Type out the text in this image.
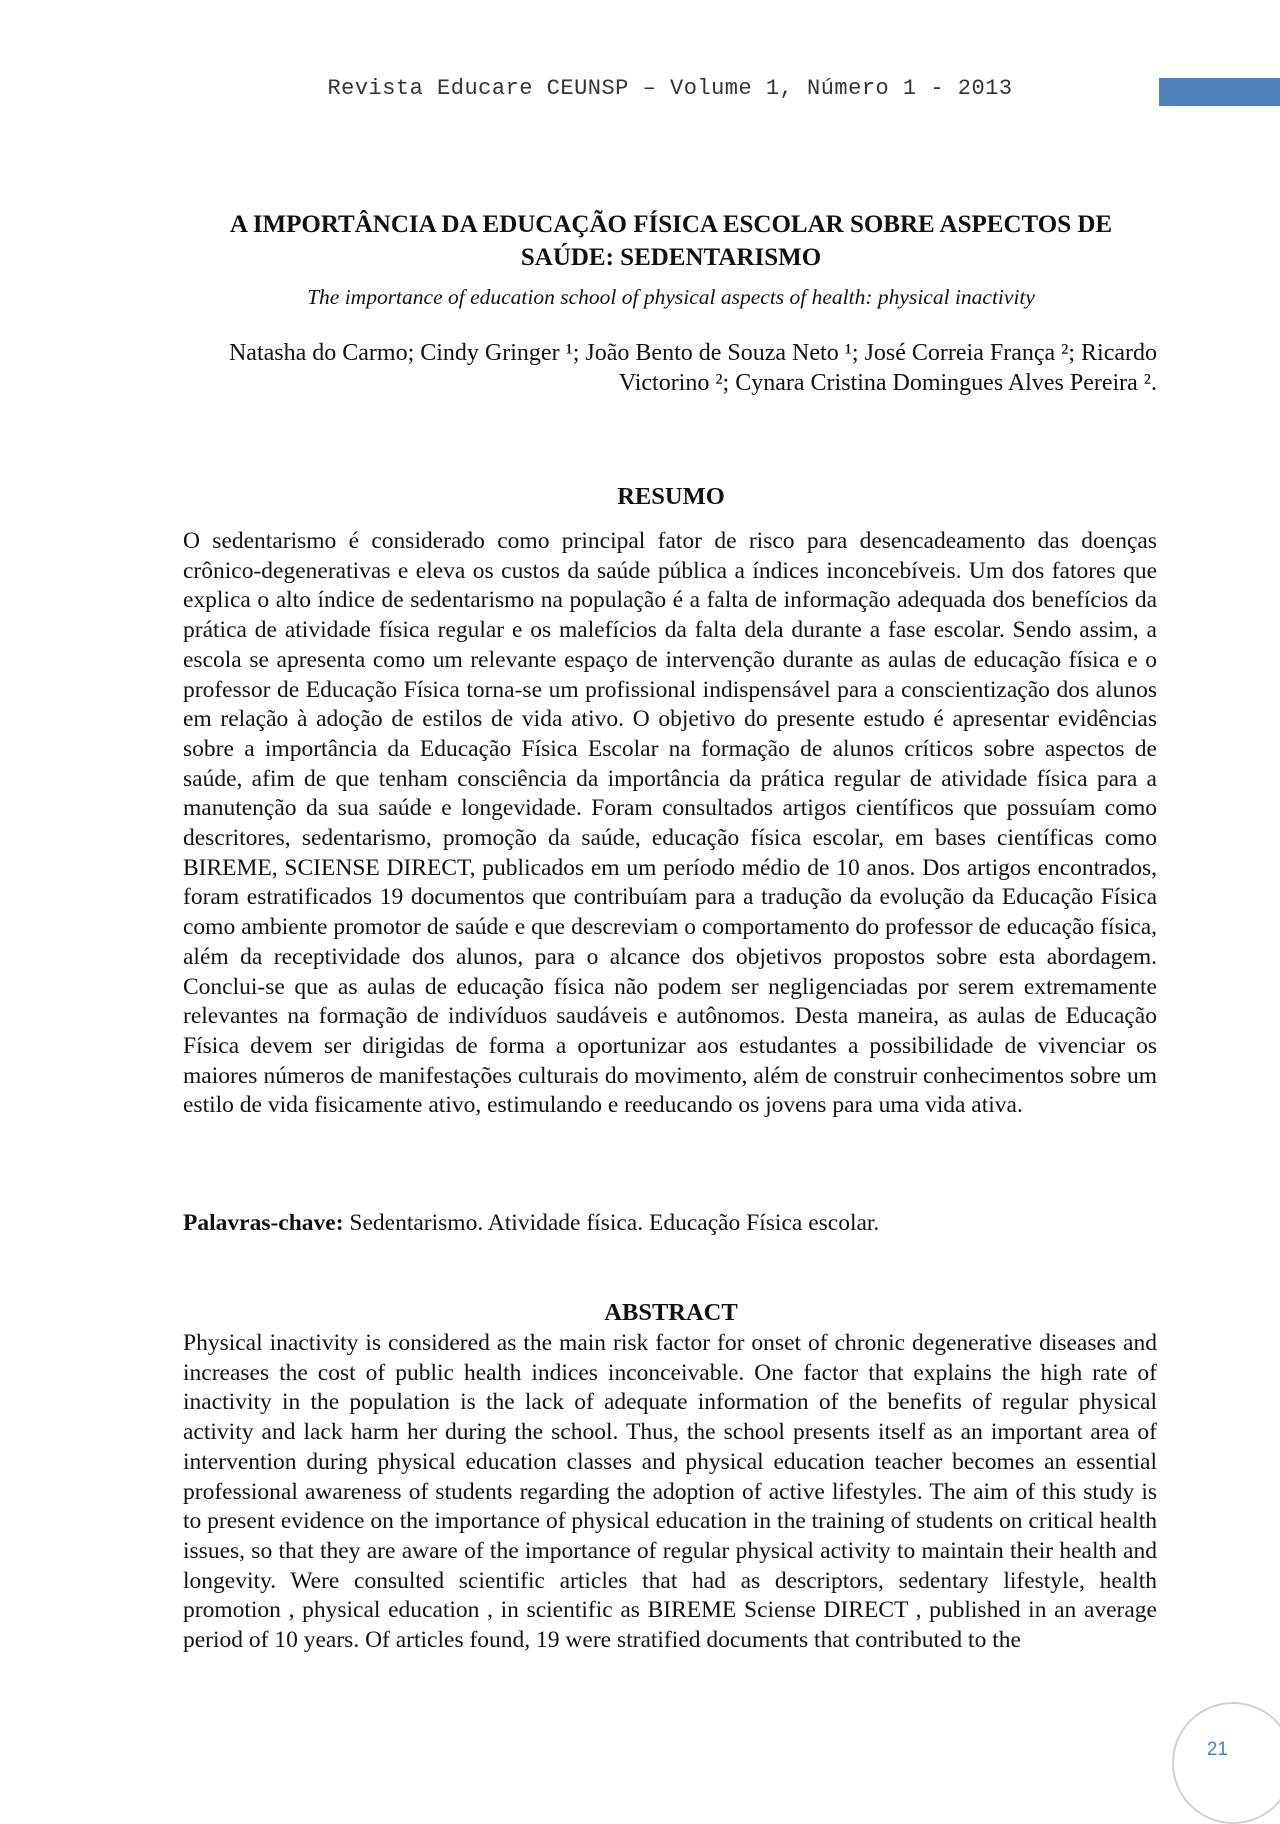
Revista Educare CEUNSP – Volume 1, Número 1 - 2013
A IMPORTÂNCIA DA EDUCAÇÃO FÍSICA ESCOLAR SOBRE ASPECTOS DE SAÚDE: SEDENTARISMO

The importance of education school of physical aspects of health: physical inactivity

Natasha do Carmo; Cindy Gringer ¹; João Bento de Souza Neto ¹; José Correia França ²; Ricardo Victorino ²; Cynara Cristina Domingues Alves Pereira ².

RESUMO

O sedentarismo é considerado como principal fator de risco para desencadeamento das doenças crônico-degenerativas e eleva os custos da saúde pública a índices inconcebíveis. Um dos fatores que explica o alto índice de sedentarismo na população é a falta de informação adequada dos benefícios da prática de atividade física regular e os malefícios da falta dela durante a fase escolar. Sendo assim, a escola se apresenta como um relevante espaço de intervenção durante as aulas de educação física e o professor de Educação Física torna-se um profissional indispensável para a conscientização dos alunos em relação à adoção de estilos de vida ativo. O objetivo do presente estudo é apresentar evidências sobre a importância da Educação Física Escolar na formação de alunos críticos sobre aspectos de saúde, afim de que tenham consciência da importância da prática regular de atividade física para a manutenção da sua saúde e longevidade. Foram consultados artigos científicos que possuíam como descritores, sedentarismo, promoção da saúde, educação física escolar, em bases científicas como BIREME, SCIENSE DIRECT, publicados em um período médio de 10 anos. Dos artigos encontrados, foram estratificados 19 documentos que contribuíam para a tradução da evolução da Educação Física como ambiente promotor de saúde e que descreviam o comportamento do professor de educação física, além da receptividade dos alunos, para o alcance dos objetivos propostos sobre esta abordagem. Conclui-se que as aulas de educação física não podem ser negligenciadas por serem extremamente relevantes na formação de indivíduos saudáveis e autônomos. Desta maneira, as aulas de Educação Física devem ser dirigidas de forma a oportunizar aos estudantes a possibilidade de vivenciar os maiores números de manifestações culturais do movimento, além de construir conhecimentos sobre um estilo de vida fisicamente ativo, estimulando e reeducando os jovens para uma vida ativa.

Palavras-chave: Sedentarismo. Atividade física. Educação Física escolar.

ABSTRACT

Physical inactivity is considered as the main risk factor for onset of chronic degenerative diseases and increases the cost of public health indices inconceivable. One factor that explains the high rate of inactivity in the population is the lack of adequate information of the benefits of regular physical activity and lack harm her during the school. Thus, the school presents itself as an important area of intervention during physical education classes and physical education teacher becomes an essential professional awareness of students regarding the adoption of active lifestyles. The aim of this study is to present evidence on the importance of physical education in the training of students on critical health issues, so that they are aware of the importance of regular physical activity to maintain their health and longevity. Were consulted scientific articles that had as descriptors, sedentary lifestyle, health promotion , physical education , in scientific as BIREME Sciense DIRECT , published in an average period of 10 years. Of articles found, 19 were stratified documents that contributed to the

21
